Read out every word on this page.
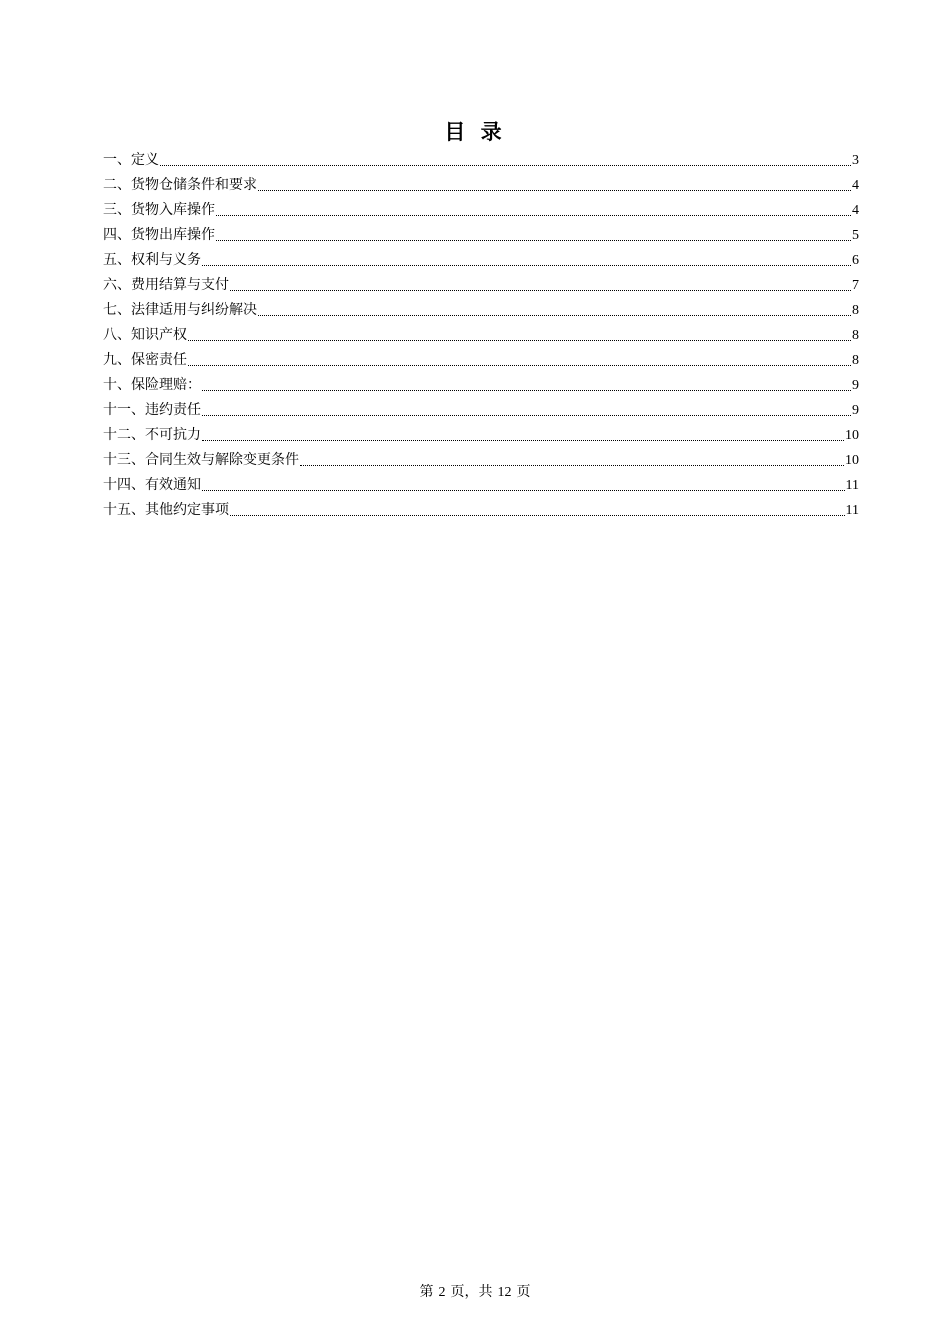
目 录
一、定义	3
二、货物仓储条件和要求	4
三、货物入库操作	4
四、货物出库操作	5
五、权利与义务	6
六、费用结算与支付	7
七、法律适用与纠纷解决	8
八、知识产权	8
九、保密责任	8
十、保险理赔：	9
十一、违约责任	9
十二、不可抗力	10
十三、合同生效与解除变更条件	10
十四、有效通知	11
十五、其他约定事项	11
第 2 页，共 12 页
